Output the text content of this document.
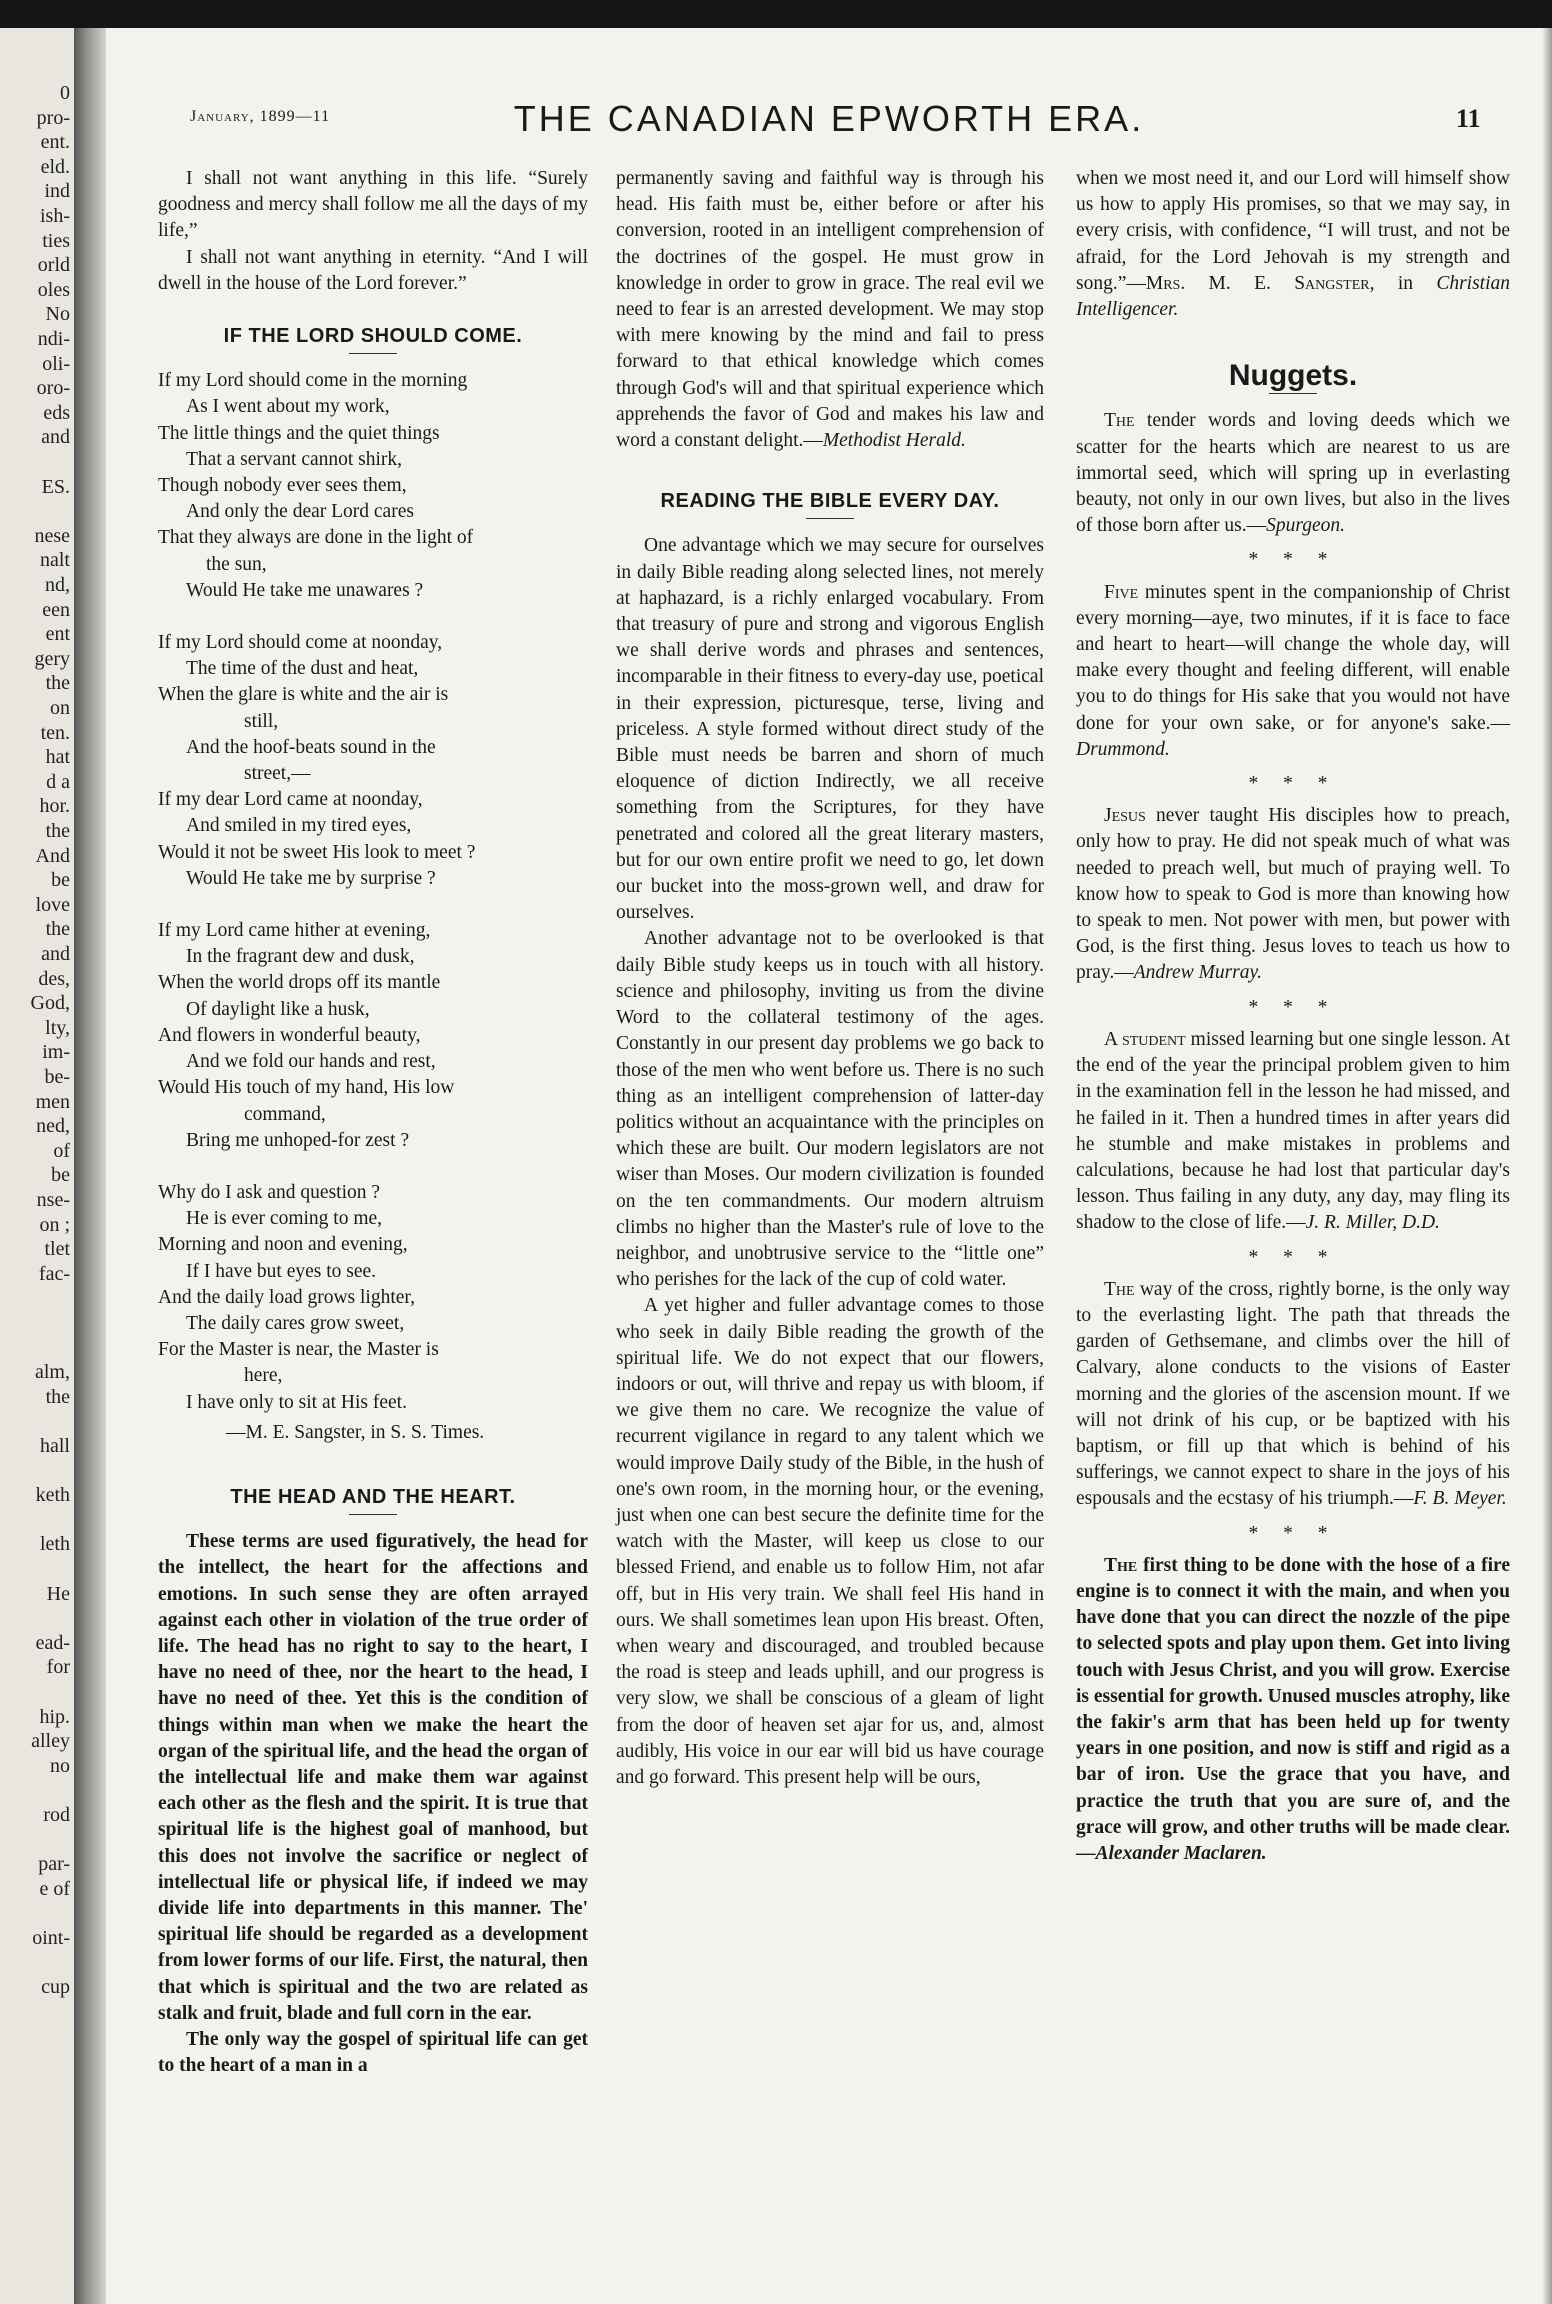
0
pro-
ent.
eld.
ind
ish-
ties
orld
oles
No
ndi-
oli-
oro-
eds
and
ES.
nese
nalt
nd,
een
ent
gery
the
on
ten.
hat
d a
hor.
the
And
be
love
the
and
des,
God,
lty,
im-
be-
men
ned,
of
be
nse-
on ;
tlet
fac-
alm,
the
hall
keth
leth
He
ead-
for
hip.
alley
no
rod
par-
e of
oint-
cup
January, 1899—11	THE CANADIAN EPWORTH ERA.	11

I shall not want anything in this life. “Surely goodness and mercy shall follow me all the days of my life,”

I shall not want anything in eternity. “And I will dwell in the house of the Lord forever.”

IF THE LORD SHOULD COME.
If my Lord should come in the morning
As I went about my work,
The little things and the quiet things
That a servant cannot shirk,
Though nobody ever sees them,
And only the dear Lord cares
That they always are done in the light of
the sun,
Would He take me unawares ?
If my Lord should come at noonday,
The time of the dust and heat,
When the glare is white and the air is
still,
And the hoof-beats sound in the
street,—
If my dear Lord came at noonday,
And smiled in my tired eyes,
Would it not be sweet His look to meet ?
Would He take me by surprise ?
If my Lord came hither at evening,
In the fragrant dew and dusk,
When the world drops off its mantle
Of daylight like a husk,
And flowers in wonderful beauty,
And we fold our hands and rest,
Would His touch of my hand, His low
command,
Bring me unhoped-for zest ?
Why do I ask and question ?
He is ever coming to me,
Morning and noon and evening,
If I have but eyes to see.
And the daily load grows lighter,
The daily cares grow sweet,
For the Master is near, the Master is
here,
I have only to sit at His feet.
—M. E. Sangster, in S. S. Times.
THE HEAD AND THE HEART.

These terms are used figuratively, the head for the intellect, the heart for the affections and emotions. In such sense they are often arrayed against each other in violation of the true order of life. The head has no right to say to the heart, I have no need of thee, nor the heart to the head, I have no need of thee. Yet this is the condition of things within man when we make the heart the organ of the spiritual life, and the head the organ of the intellectual life and make them war against each other as the flesh and the spirit. It is true that spiritual life is the highest goal of manhood, but this does not involve the sacrifice or neglect of intellectual life or physical life, if indeed we may divide life into departments in this manner. The' spiritual life should be regarded as a development from lower forms of our life. First, the natural, then that which is spiritual and the two are related as stalk and fruit, blade and full corn in the ear.

The only way the gospel of spiritual life can get to the heart of a man in a

permanently saving and faithful way is through his head. His faith must be, either before or after his conversion, rooted in an intelligent comprehension of the doctrines of the gospel. He must grow in knowledge in order to grow in grace. The real evil we need to fear is an arrested development. We may stop with mere knowing by the mind and fail to press forward to that ethical knowledge which comes through God's will and that spiritual experience which apprehends the favor of God and makes his law and word a constant delight.—Methodist Herald.

READING THE BIBLE EVERY DAY.

One advantage which we may secure for ourselves in daily Bible reading along selected lines, not merely at haphazard, is a richly enlarged vocabulary. From that treasury of pure and strong and vigorous English we shall derive words and phrases and sentences, incomparable in their fitness to every-day use, poetical in their expression, picturesque, terse, living and priceless. A style formed without direct study of the Bible must needs be barren and shorn of much eloquence of diction Indirectly, we all receive something from the Scriptures, for they have penetrated and colored all the great literary masters, but for our own entire profit we need to go, let down our bucket into the moss-grown well, and draw for ourselves.

Another advantage not to be overlooked is that daily Bible study keeps us in touch with all history. science and philosophy, inviting us from the divine Word to the collateral testimony of the ages. Constantly in our present day problems we go back to those of the men who went before us. There is no such thing as an intelligent comprehension of latter-day politics without an acquaintance with the principles on which these are built. Our modern legislators are not wiser than Moses. Our modern civilization is founded on the ten commandments. Our modern altruism climbs no higher than the Master's rule of love to the neighbor, and unobtrusive service to the “little one” who perishes for the lack of the cup of cold water.

A yet higher and fuller advantage comes to those who seek in daily Bible reading the growth of the spiritual life. We do not expect that our flowers, indoors or out, will thrive and repay us with bloom, if we give them no care. We recognize the value of recurrent vigilance in regard to any talent which we would improve Daily study of the Bible, in the hush of one's own room, in the morning hour, or the evening, just when one can best secure the definite time for the watch with the Master, will keep us close to our blessed Friend, and enable us to follow Him, not afar off, but in His very train. We shall feel His hand in ours. We shall sometimes lean upon His breast. Often, when weary and discouraged, and troubled because the road is steep and leads uphill, and our progress is very slow, we shall be conscious of a gleam of light from the door of heaven set ajar for us, and, almost audibly, His voice in our ear will bid us have courage and go forward. This present help will be ours,

when we most need it, and our Lord will himself show us how to apply His promises, so that we may say, in every crisis, with confidence, “I will trust, and not be afraid, for the Lord Jehovah is my strength and song.”—Mrs. M. E. Sangster, in Christian Intelligencer.

Nuggets.

The tender words and loving deeds which we scatter for the hearts which are nearest to us are immortal seed, which will spring up in everlasting beauty, not only in our own lives, but also in the lives of those born after us.—Spurgeon.

* * *

Five minutes spent in the companionship of Christ every morning—aye, two minutes, if it is face to face and heart to heart—will change the whole day, will make every thought and feeling different, will enable you to do things for His sake that you would not have done for your own sake, or for anyone's sake.—Drummond.

* * *

Jesus never taught His disciples how to preach, only how to pray. He did not speak much of what was needed to preach well, but much of praying well. To know how to speak to God is more than knowing how to speak to men. Not power with men, but power with God, is the first thing. Jesus loves to teach us how to pray.—Andrew Murray.

* * *

A student missed learning but one single lesson. At the end of the year the principal problem given to him in the examination fell in the lesson he had missed, and he failed in it. Then a hundred times in after years did he stumble and make mistakes in problems and calculations, because he had lost that particular day's lesson. Thus failing in any duty, any day, may fling its shadow to the close of life.—J. R. Miller, D.D.

* * *

The way of the cross, rightly borne, is the only way to the everlasting light. The path that threads the garden of Gethsemane, and climbs over the hill of Calvary, alone conducts to the visions of Easter morning and the glories of the ascension mount. If we will not drink of his cup, or be baptized with his baptism, or fill up that which is behind of his sufferings, we cannot expect to share in the joys of his espousals and the ecstasy of his triumph.—F. B. Meyer.

* * *

The first thing to be done with the hose of a fire engine is to connect it with the main, and when you have done that you can direct the nozzle of the pipe to selected spots and play upon them. Get into living touch with Jesus Christ, and you will grow. Exercise is essential for growth. Unused muscles atrophy, like the fakir's arm that has been held up for twenty years in one position, and now is stiff and rigid as a bar of iron. Use the grace that you have, and practice the truth that you are sure of, and the grace will grow, and other truths will be made clear.—Alexander Maclaren.
